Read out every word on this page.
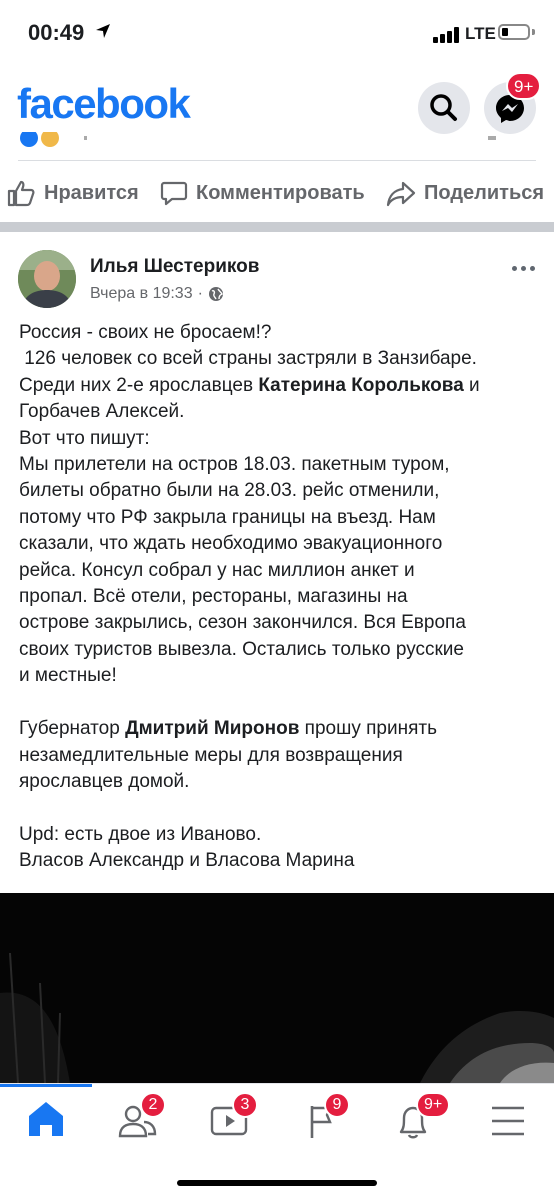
00:49	LTE
facebook	9+
Нравится	Комментировать	Поделиться
Илья Шестериков
Вчера в 19:33 ·
Россия - своих не бросаем!?
126 человек со всей страны застряли в Занзибаре.
Среди них 2-е ярославцев Катерина Королькова и
Горбачев Алексей.
Вот что пишут:
Мы прилетели на остров 18.03. пакетным туром,
билеты обратно были на 28.03. рейс отменили,
потому что РФ закрыла границы на въезд. Нам
сказали, что ждать необходимо эвакуационного
рейса. Консул собрал у нас миллион анкет и
пропал. Всё отели, рестораны, магазины на
острове закрылись, сезон закончился. Вся Европа
своих туристов вывезла. Остались только русские
и местные!

Губернатор Дмитрий Миронов прошу принять
незамедлительные меры для возвращения
ярославцев домой.

Upd: есть двое из Иваново.
Власов Александр и Власова Марина
2	3	9	9+
